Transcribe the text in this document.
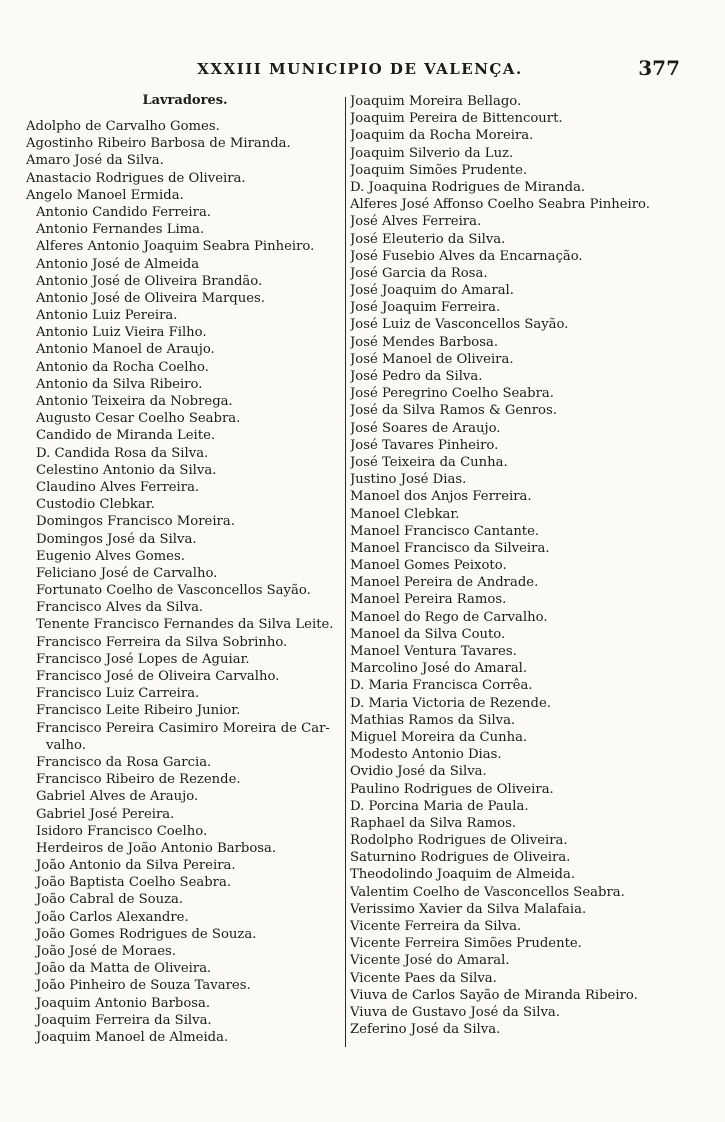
XXXIII MUNICIPIO DE VALENÇA.	377
Lavradores.
Adolpho de Carvalho Gomes.
Agostinho Ribeiro Barbosa de Miranda.
Amaro José da Silva.
Anastacio Rodrigues de Oliveira.
Angelo Manoel Ermida.
Antonio Candido Ferreira.
Antonio Fernandes Lima.
Alferes Antonio Joaquim Seabra Pinheiro.
Antonio José de Almeida
Antonio José de Oliveira Brandão.
Antonio José de Oliveira Marques.
Antonio Luiz Pereira.
Antonio Luiz Vieira Filho.
Antonio Manoel de Araujo.
Antonio da Rocha Coelho.
Antonio da Silva Ribeiro.
Antonio Teixeira da Nobrega.
Augusto Cesar Coelho Seabra.
Candido de Miranda Leite.
D. Candida Rosa da Silva.
Celestino Antonio da Silva.
Claudino Alves Ferreira.
Custodio Clebkar.
Domingos Francisco Moreira.
Domingos José da Silva.
Eugenio Alves Gomes.
Feliciano José de Carvalho.
Fortunato Coelho de Vasconcellos Sayão.
Francisco Alves da Silva.
Tenente Francisco Fernandes da Silva Leite.
Francisco Ferreira da Silva Sobrinho.
Francisco José Lopes de Aguiar.
Francisco José de Oliveira Carvalho.
Francisco Luiz Carreira.
Francisco Leite Ribeiro Junior.
Francisco Pereira Casimiro Moreira de Car-
valho.
Francisco da Rosa Garcia.
Francisco Ribeiro de Rezende.
Gabriel Alves de Araujo.
Gabriel José Pereira.
Isidoro Francisco Coelho.
Herdeiros de João Antonio Barbosa.
João Antonio da Silva Pereira.
João Baptista Coelho Seabra.
João Cabral de Souza.
João Carlos Alexandre.
João Gomes Rodrigues de Souza.
João José de Moraes.
João da Matta de Oliveira.
João Pinheiro de Souza Tavares.
Joaquim Antonio Barbosa.
Joaquim Ferreira da Silva.
Joaquim Manoel de Almeida.
Joaquim Moreira Bellago.
Joaquim Pereira de Bittencourt.
Joaquim da Rocha Moreira.
Joaquim Silverio da Luz.
Joaquim Simões Prudente.
D. Joaquina Rodrigues de Miranda.
Alferes José Affonso Coelho Seabra Pinheiro.
José Alves Ferreira.
José Eleuterio da Silva.
José Fusebio Alves da Encarnação.
José Garcia da Rosa.
José Joaquim do Amaral.
José Joaquim Ferreira.
José Luiz de Vasconcellos Sayão.
José Mendes Barbosa.
José Manoel de Oliveira.
José Pedro da Silva.
José Peregrino Coelho Seabra.
José da Silva Ramos & Genros.
José Soares de Araujo.
José Tavares Pinheiro.
José Teixeira da Cunha.
Justino José Dias.
Manoel dos Anjos Ferreira.
Manoel Clebkar.
Manoel Francisco Cantante.
Manoel Francisco da Silveira.
Manoel Gomes Peixoto.
Manoel Pereira de Andrade.
Manoel Pereira Ramos.
Manoel do Rego de Carvalho.
Manoel da Silva Couto.
Manoel Ventura Tavares.
Marcolino José do Amaral.
D. Maria Francisca Corrêa.
D. Maria Victoria de Rezende.
Mathias Ramos da Silva.
Miguel Moreira da Cunha.
Modesto Antonio Dias.
Ovidio José da Silva.
Paulino Rodrigues de Oliveira.
D. Porcina Maria de Paula.
Raphael da Silva Ramos.
Rodolpho Rodrigues de Oliveira.
Saturnino Rodrigues de Oliveira.
Theodolindo Joaquim de Almeida.
Valentim Coelho de Vasconcellos Seabra.
Verissimo Xavier da Silva Malafaia.
Vicente Ferreira da Silva.
Vicente Ferreira Simões Prudente.
Vicente José do Amaral.
Vicente Paes da Silva.
Viuva de Carlos Sayão de Miranda Ribeiro.
Viuva de Gustavo José da Silva.
Zeferino José da Silva.
